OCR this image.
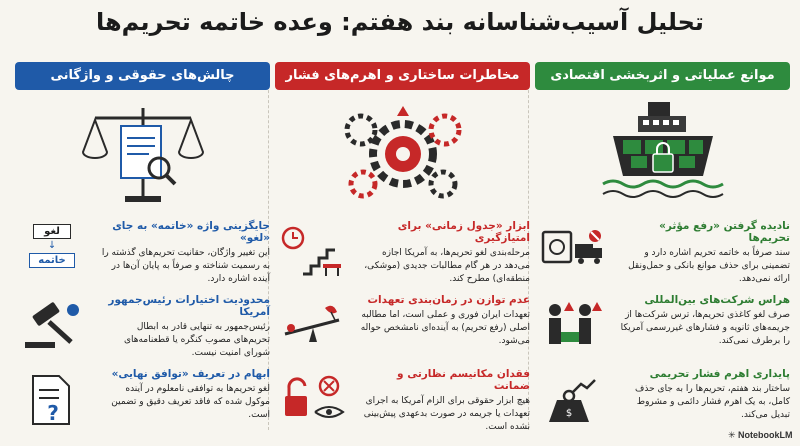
تحلیل آسیب‌شناسانه بند هفتم: وعده خاتمه تحریم‌ها
موانع عملیاتی و اثربخشی اقتصادی
نادیده گرفتن «رفع مؤثر» تحریم‌ها

سند صرفاً به خاتمه تحریم اشاره دارد و تضمینی برای حذف موانع بانکی و حمل‌ونقل ارائه نمی‌دهد.

هراس شرکت‌های بین‌المللی

صرف لغو کاغذی تحریم‌ها، ترس شرکت‌ها از جریمه‌های ثانویه و فشارهای غیررسمی آمریکا را برطرف نمی‌کند.

پایداری اهرم فشار تحریمی

ساختار بند هفتم، تحریم‌ها را به جای حذف کامل، به یک اهرم فشار دائمی و مشروط تبدیل می‌کند.

$
مخاطرات ساختاری و اهرم‌های فشار
ابزار «جدول زمانی» برای امتیازگیری

مرحله‌بندی لغو تحریم‌ها، به آمریکا اجازه می‌دهد در هر گام مطالبات جدیدی (موشکی، منطقه‌ای) مطرح کند.

عدم توازن در زمان‌بندی تعهدات

تعهدات ایران فوری و عملی است، اما مطالبه اصلی (رفع تحریم) به آینده‌ای نامشخص حواله می‌شود.

فقدان مکانیسم نظارتی و ضمانت

هیچ ابزار حقوقی برای الزام آمریکا به اجرای تعهدات یا جریمه در صورت بدعهدی پیش‌بینی نشده است.

چالش‌های حقوقی و واژگانی
جایگزینی واژه «خاتمه» به جای «لغو»

این تغییر واژگان، حقانیت تحریم‌های گذشته را به رسمیت شناخته و صرفاً به پایان آن‌ها در آینده اشاره دارد.

لغو
↓
خاتمه
محدودیت اختیارات رئیس‌جمهور آمریکا

رئیس‌جمهور به تنهایی قادر به ابطال تحریم‌های مصوب کنگره یا قطعنامه‌های شورای امنیت نیست.

ابهام در تعریف «توافق نهایی»

لغو تحریم‌ها به توافقی نامعلوم در آینده موکول شده که فاقد تعریف دقیق و تضمین است.

?
✳ NotebookLM
